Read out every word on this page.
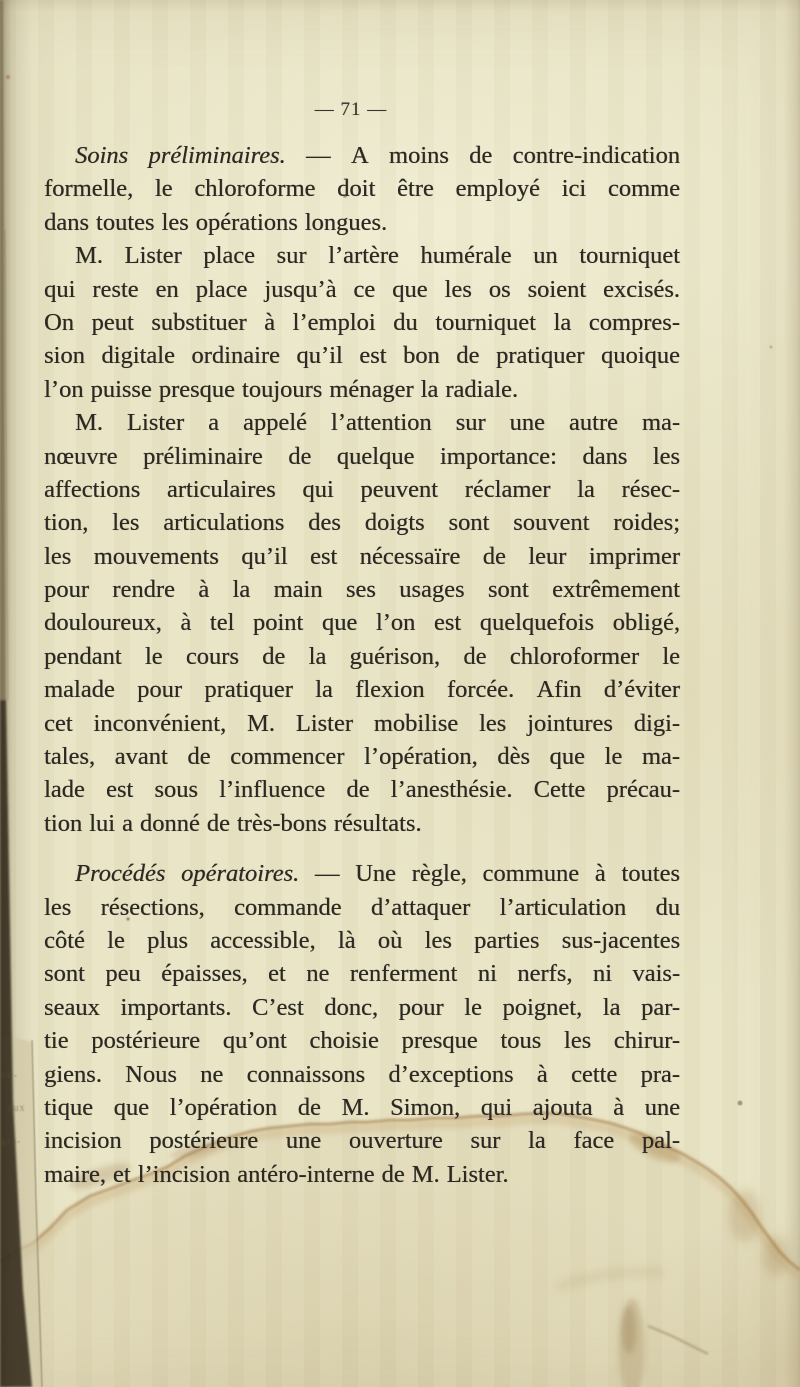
cu-
aux
gra-
— 71 —
Soins préliminaires. — A moins de contre-indication
formelle, le chloroforme doit être employé ici comme
dans toutes les opérations longues.
M. Lister place sur l’artère humérale un tourniquet
qui reste en place jusqu’à ce que les os soient excisés.
On peut substituer à l’emploi du tourniquet la compres-
sion digitale ordinaire qu’il est bon de pratiquer quoique
l’on puisse presque toujours ménager la radiale.
M. Lister a appelé l’attention sur une autre ma-
nœuvre préliminaire de quelque importance: dans les
affections articulaires qui peuvent réclamer la résec-
tion, les articulations des doigts sont souvent roides;
les mouvements qu’il est nécessaïre de leur imprimer
pour rendre à la main ses usages sont extrêmement
douloureux, à tel point que l’on est quelquefois obligé,
pendant le cours de la guérison, de chloroformer le
malade pour pratiquer la flexion forcée. Afin d’éviter
cet inconvénient, M. Lister mobilise les jointures digi-
tales, avant de commencer l’opération, dès que le ma-
lade est sous l’influence de l’anesthésie. Cette précau-
tion lui a donné de très-bons résultats.
Procédés opératoires. — Une règle, commune à toutes
les résections, commande d’attaquer l’articulation du
côté le plus accessible, là où les parties sus-jacentes
sont peu épaisses, et ne renferment ni nerfs, ni vais-
seaux importants. C’est donc, pour le poignet, la par-
tie postérieure qu’ont choisie presque tous les chirur-
giens. Nous ne connaissons d’exceptions à cette pra-
tique que l’opération de M. Simon, qui ajouta à une
incision postérieure une ouverture sur la face pal-
maire, et l’incision antéro-interne de M. Lister.
